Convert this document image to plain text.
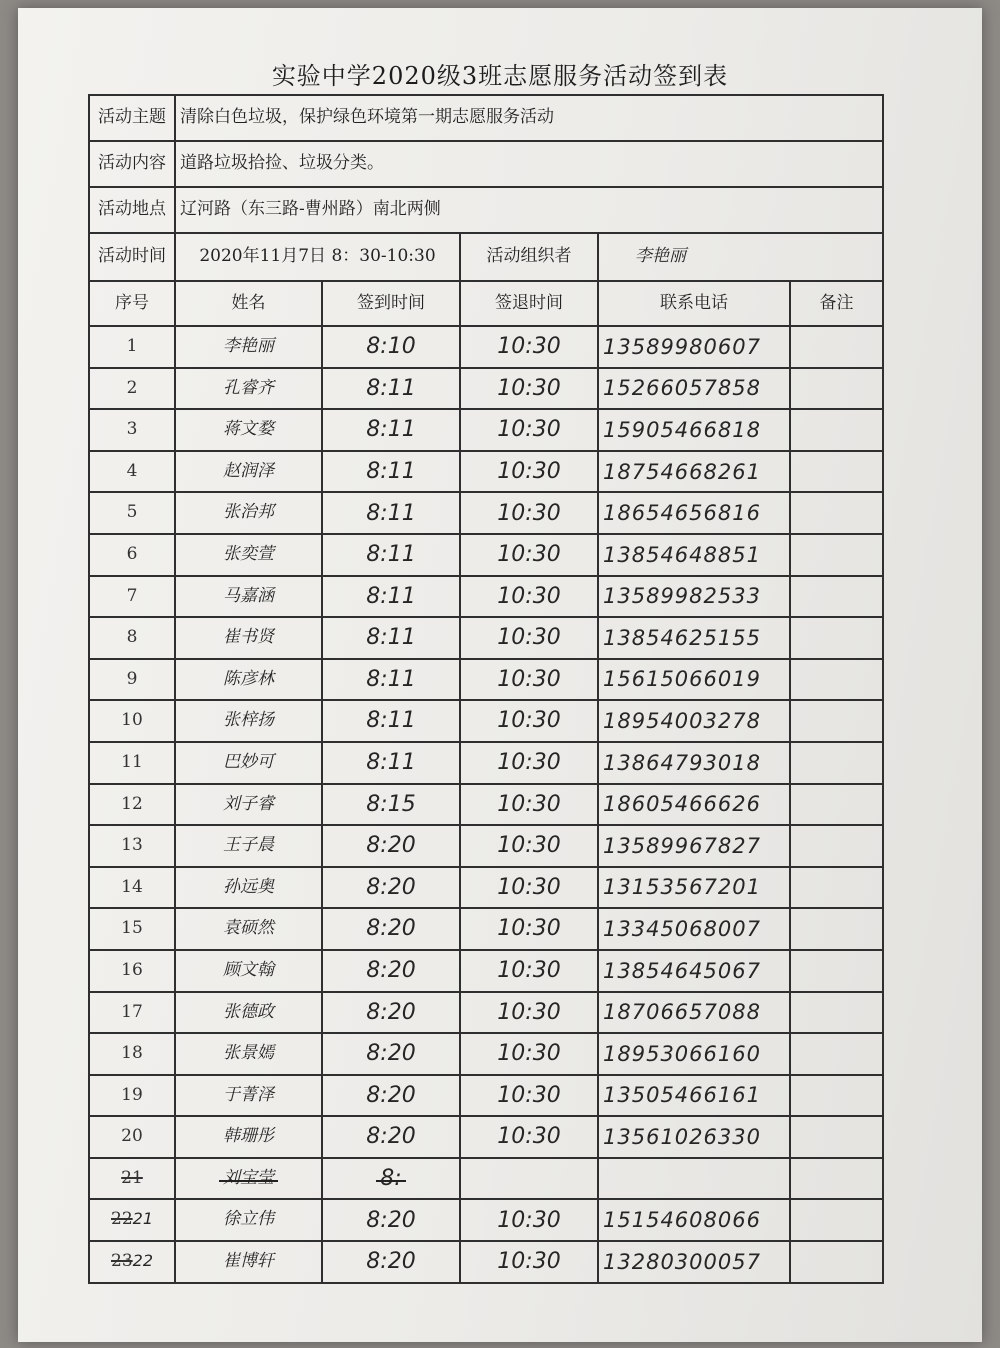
实验中学2020级3班志愿服务活动签到表
活动主题	清除白色垃圾，保护绿色环境第一期志愿服务活动				
活动内容	道路垃圾拾捡、垃圾分类。				
活动地点	辽河路（东三路-曹州路）南北两侧				
活动时间	2020年11月7日 8：30-10:30		活动组织者	李艳丽	
序号	姓名	签到时间	签退时间	联系电话	备注
1	李艳丽	8:10	10:30	13589980607	
2	孔睿齐	8:11	10:30	15266057858	
3	蒋文婺	8:11	10:30	15905466818	
4	赵润泽	8:11	10:30	18754668261	
5	张治邦	8:11	10:30	18654656816	
6	张奕萱	8:11	10:30	13854648851	
7	马嘉涵	8:11	10:30	13589982533	
8	崔书贤	8:11	10:30	13854625155	
9	陈彦林	8:11	10:30	15615066019	
10	张梓扬	8:11	10:30	18954003278	
11	巴妙可	8:11	10:30	13864793018	
12	刘子睿	8:15	10:30	18605466626	
13	王子晨	8:20	10:30	13589967827	
14	孙远奥	8:20	10:30	13153567201	
15	袁硕然	8:20	10:30	13345068007	
16	顾文翰	8:20	10:30	13854645067	
17	张德政	8:20	10:30	18706657088	
18	张景嫣	8:20	10:30	18953066160	
19	于菁泽	8:20	10:30	13505466161	
20	韩珊彤	8:20	10:30	13561026330	
21	刘宝莹	8:			
2221	徐立伟	8:20	10:30	15154608066	
2322	崔博轩	8:20	10:30	13280300057	
